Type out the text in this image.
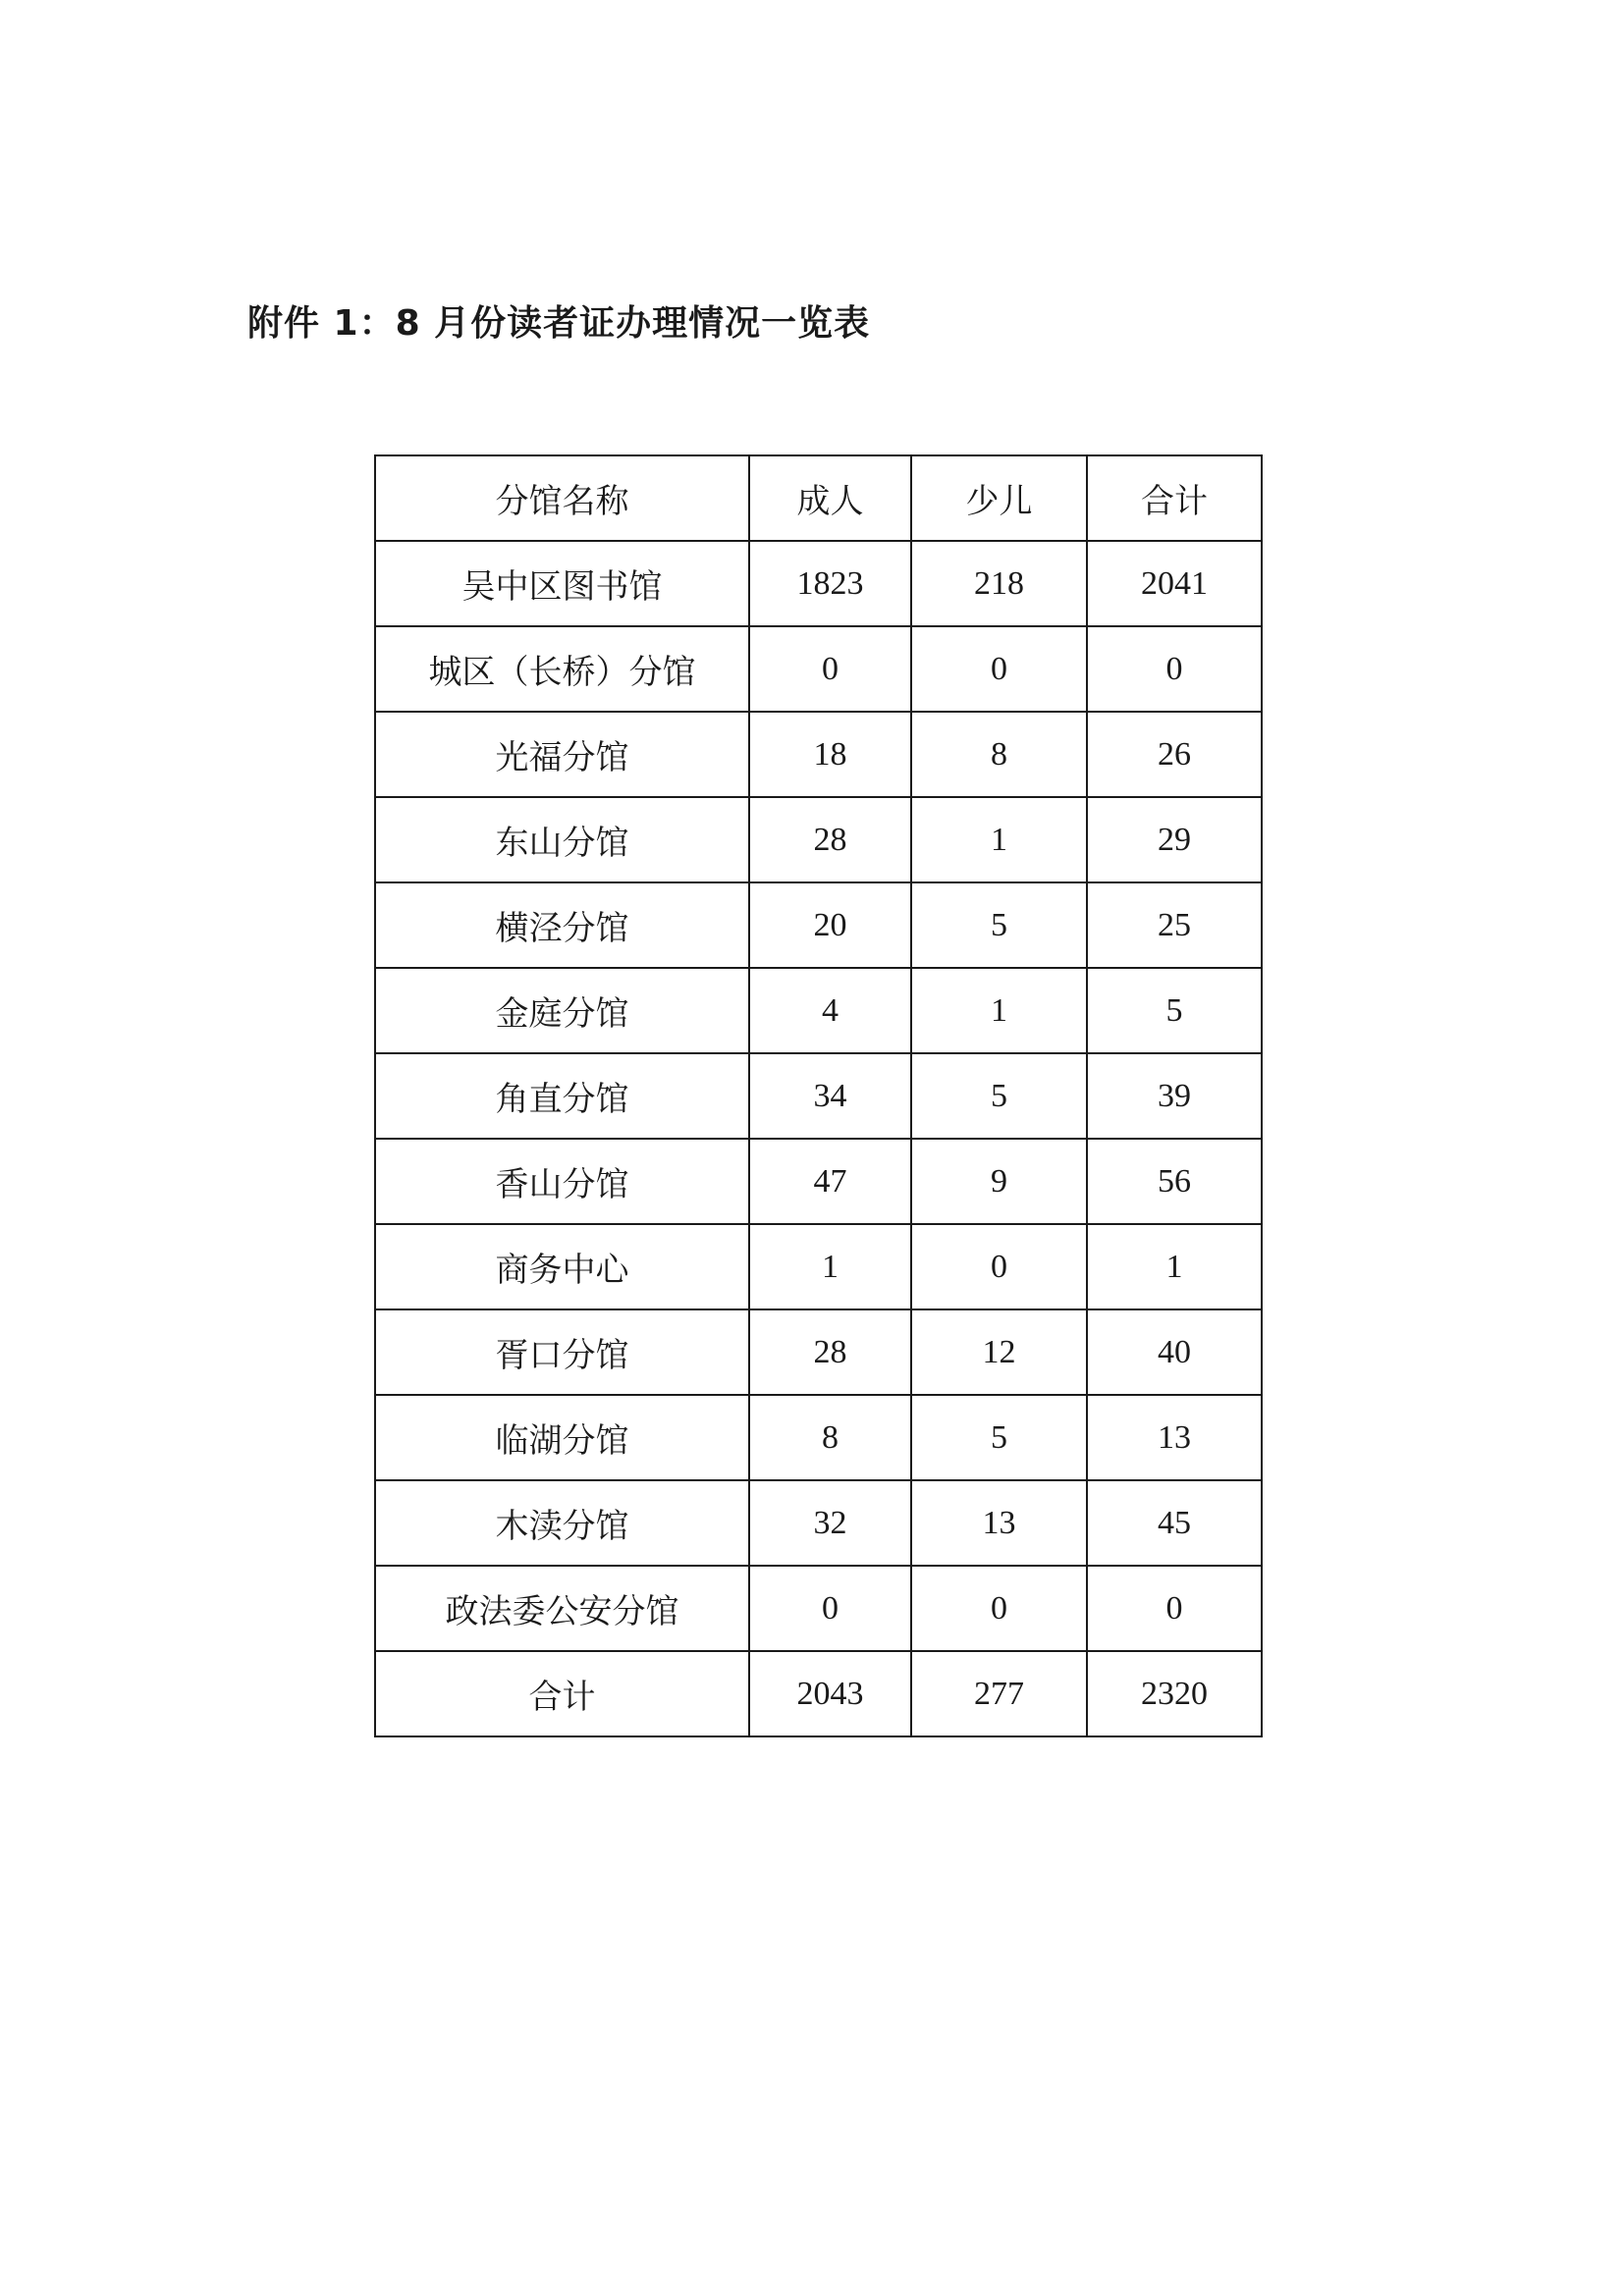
附件 1：8 月份读者证办理情况一览表
分馆名称	成人	少儿	合计
吴中区图书馆	1823	218	2041
城区（长桥）分馆	0	0	0
光福分馆	18	8	26
东山分馆	28	1	29
横泾分馆	20	5	25
金庭分馆	4	1	5
角直分馆	34	5	39
香山分馆	47	9	56
商务中心	1	0	1
胥口分馆	28	12	40
临湖分馆	8	5	13
木渎分馆	32	13	45
政法委公安分馆	0	0	0
合计	2043	277	2320
